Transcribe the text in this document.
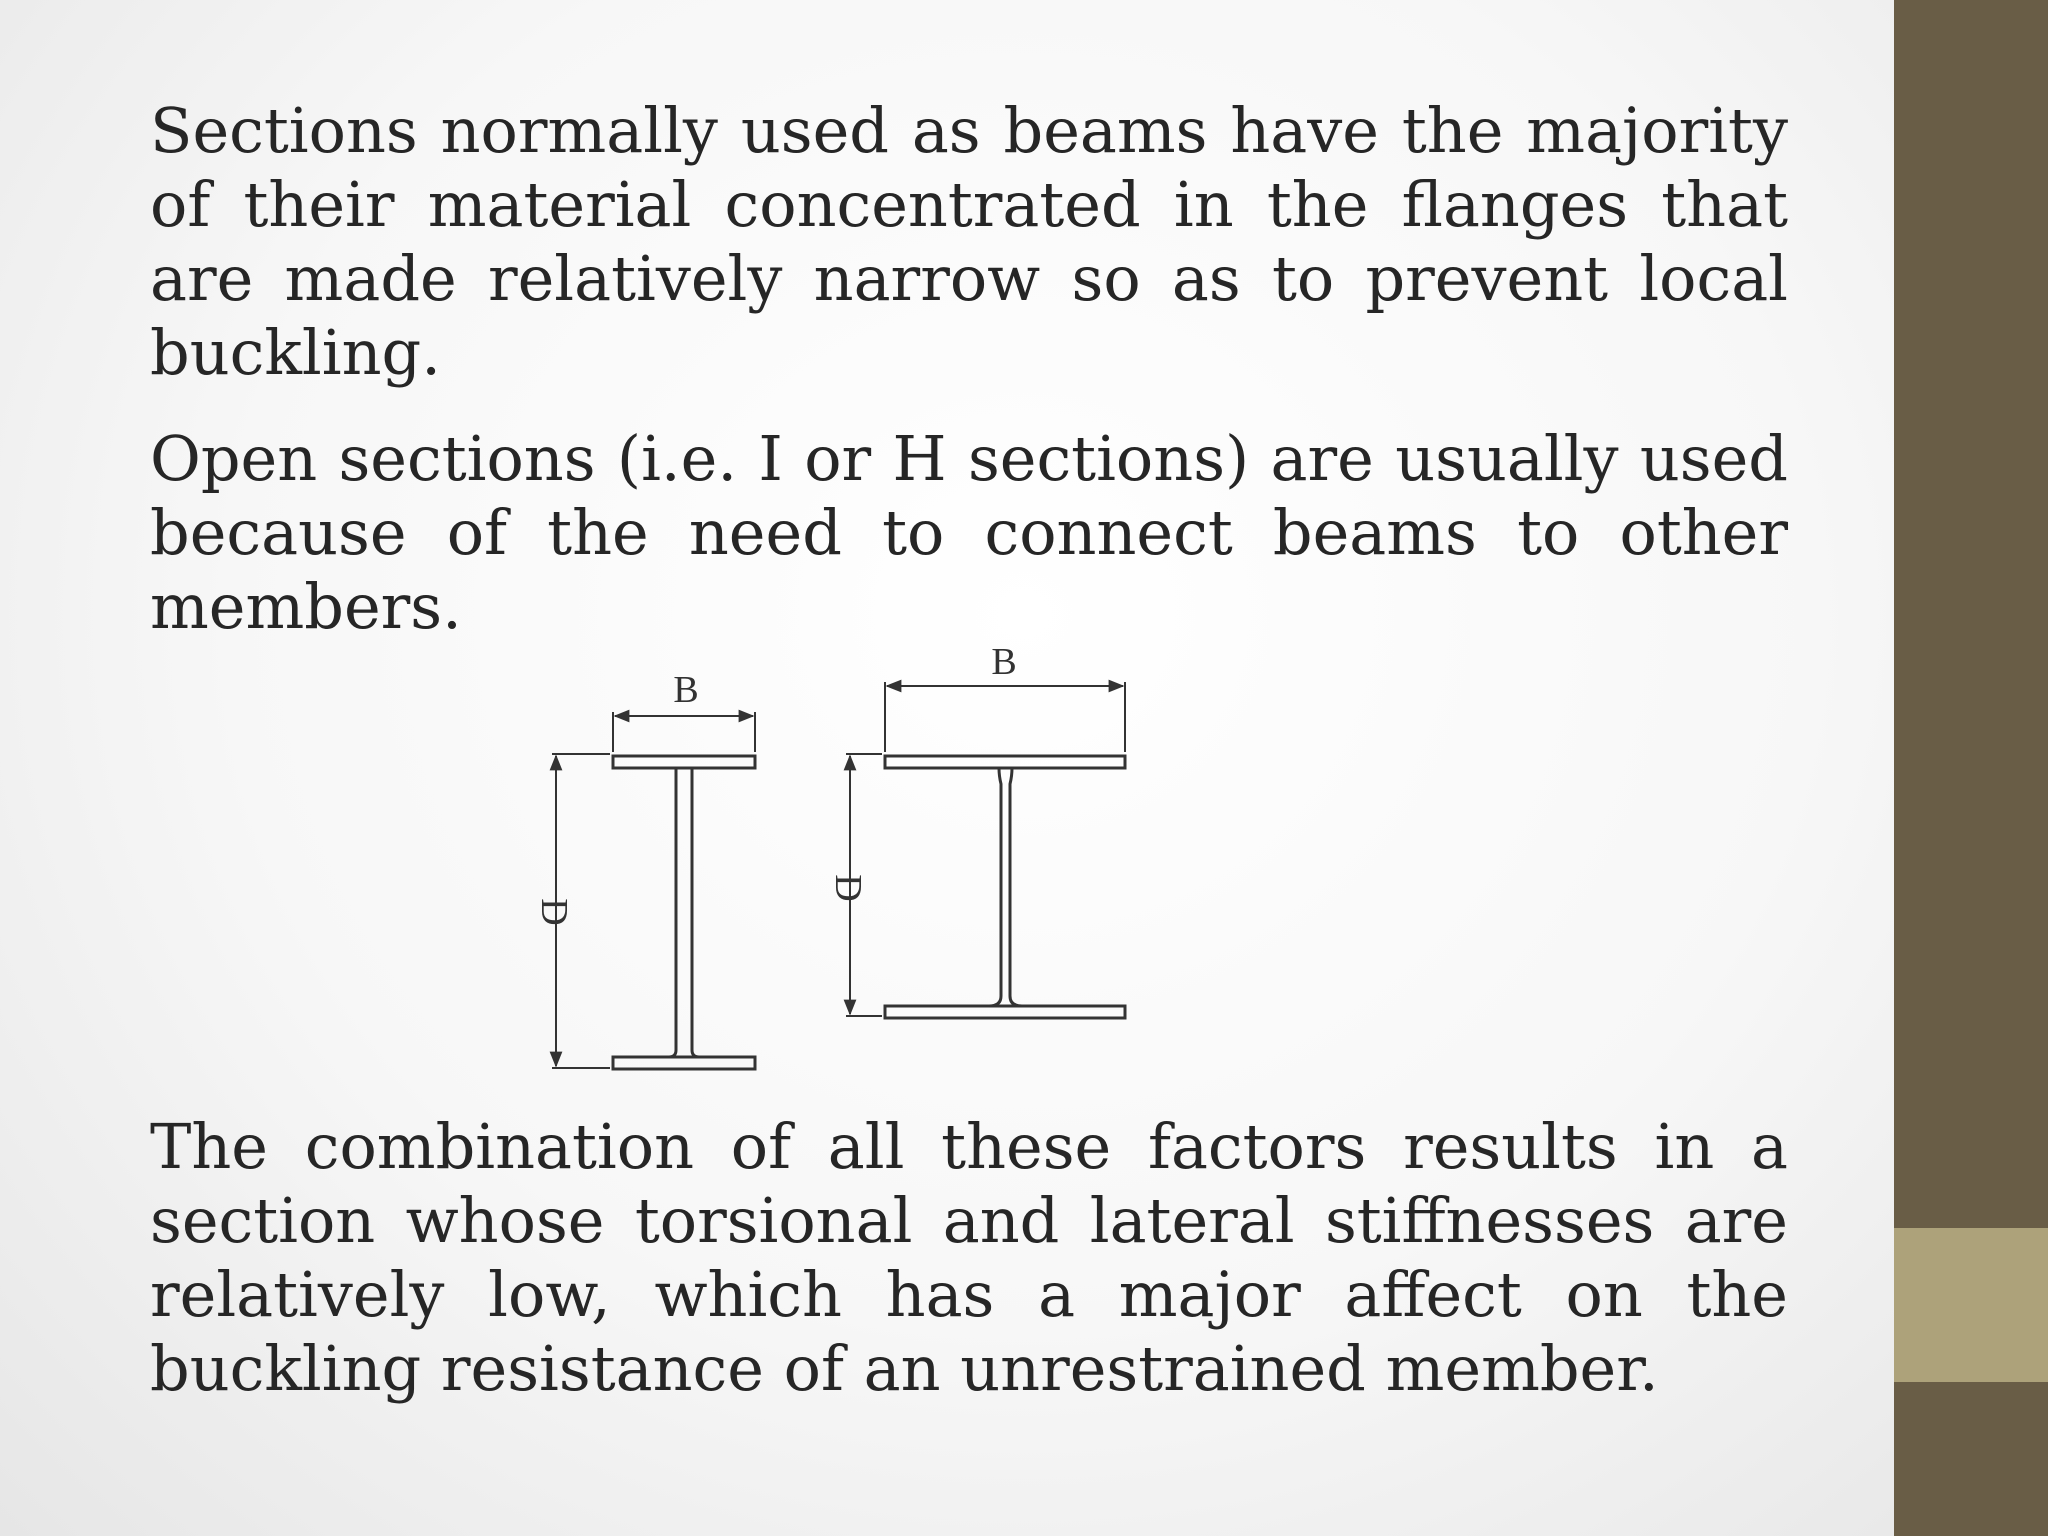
Sections normally used as beams have the majority of their material concentrated in the flanges that are made relatively narrow so as to prevent local buckling.

Open sections (i.e. I or H sections) are usually used because of the need to connect beams to other members.

B
D
B
D

The combination of all these factors results in a section whose torsional and lateral stiffnesses are relatively low, which has a major affect on the buckling resistance of an unrestrained member.
